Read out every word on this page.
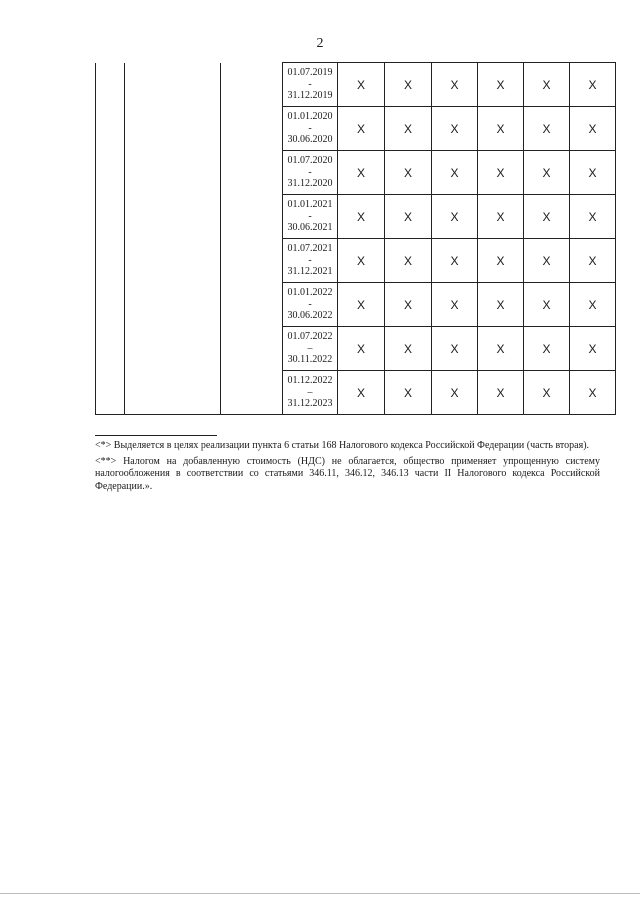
2

			01.07.2019
-
31.12.2019	X	X	X	X	X	X

			01.01.2020
-
30.06.2020	X	X	X	X	X	X

			01.07.2020
-
31.12.2020	X	X	X	X	X	X

			01.01.2021
-
30.06.2021	X	X	X	X	X	X

			01.07.2021
-
31.12.2021	X	X	X	X	X	X

			01.01.2022
-
30.06.2022	X	X	X	X	X	X

			01.07.2022
–
30.11.2022	X	X	X	X	X	X

			01.12.2022
–
31.12.2023	X	X	X	X	X	X

<*> Выделяется в целях реализации пункта 6 статьи 168 Налогового кодекса Российской Федерации (часть вторая).

<**> Налогом на добавленную стоимость (НДС) не облагается, общество применяет упрощенную систему налогообложения в соответствии со статьями 346.11, 346.12, 346.13 части II Налогового кодекса Российской Федерации.».
